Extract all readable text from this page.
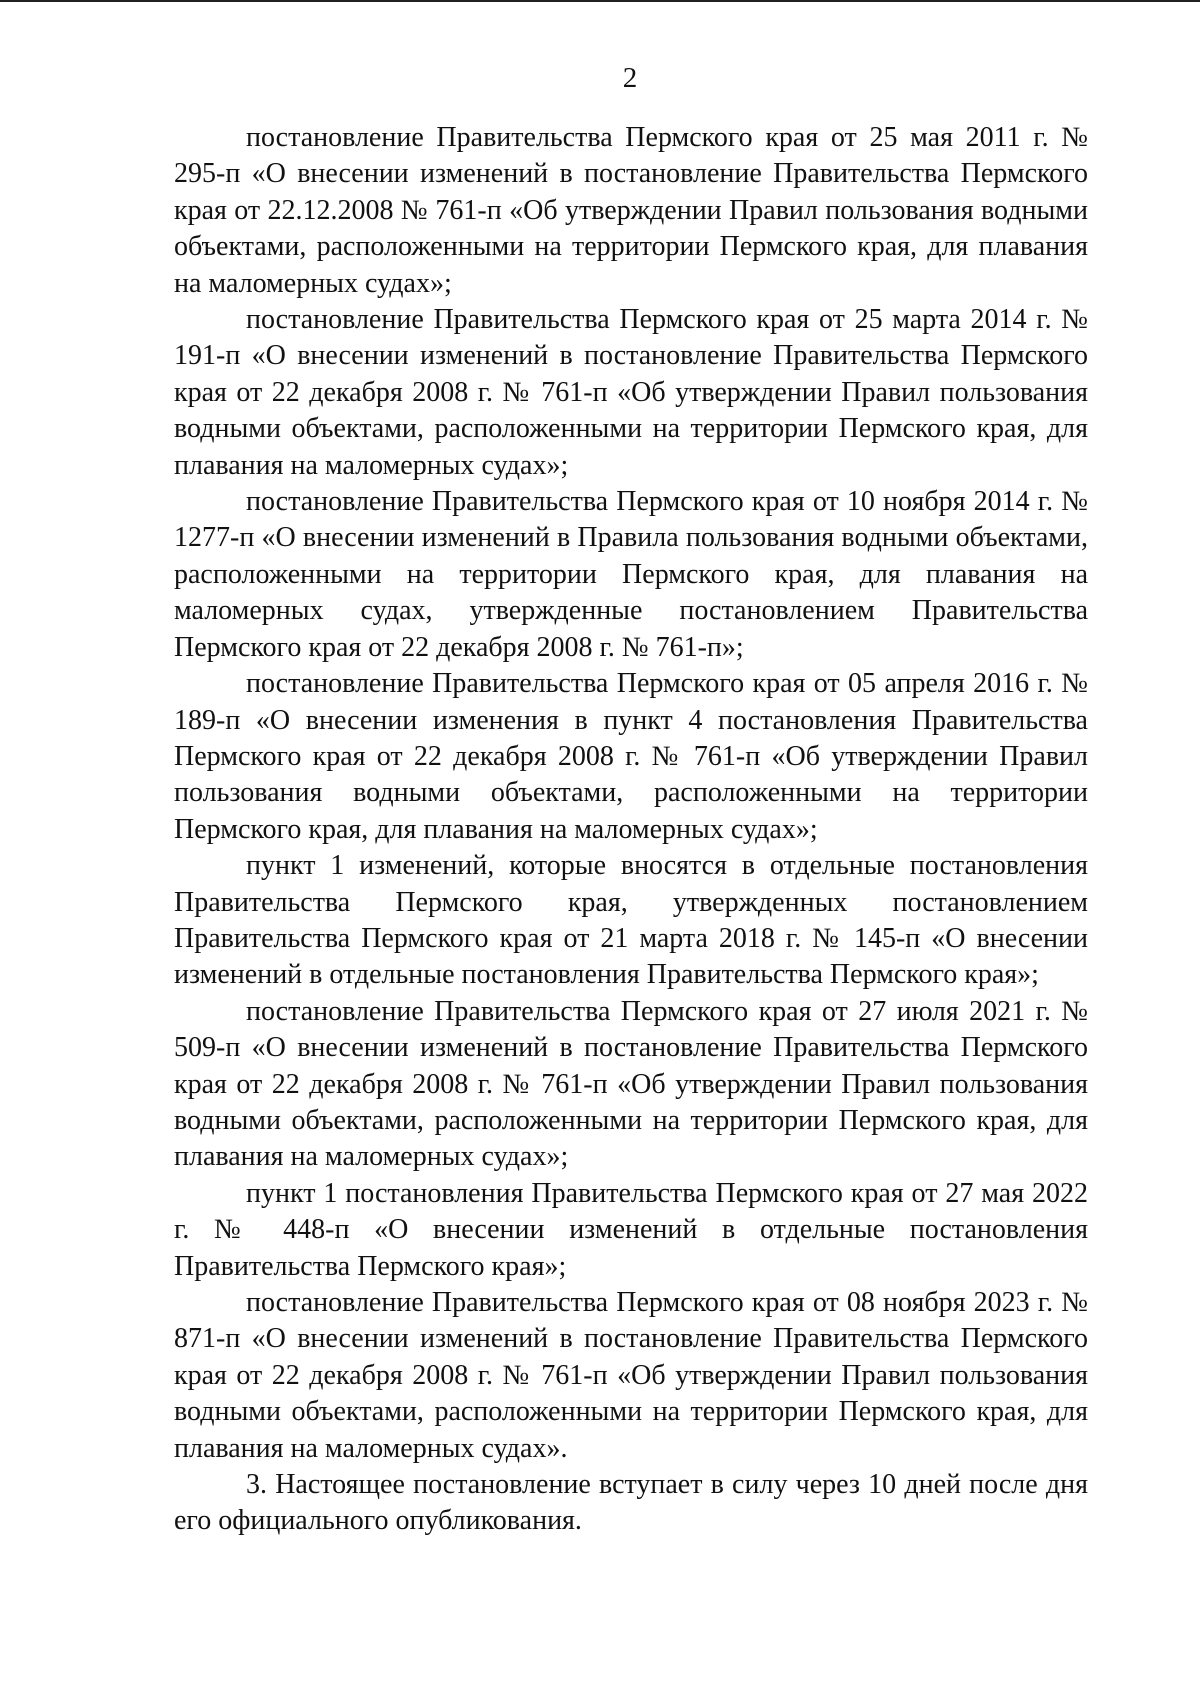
2

постановление Правительства Пермского края от 25 мая 2011 г. № 295-п «О внесении изменений в постановление Правительства Пермского края от 22.12.2008 № 761-п «Об утверждении Правил пользования водными объектами, расположенными на территории Пермского края, для плавания на маломерных судах»;

постановление Правительства Пермского края от 25 марта 2014 г. № 191-п «О внесении изменений в постановление Правительства Пермского края от 22 декабря 2008 г. № 761-п «Об утверждении Правил пользования водными объектами, расположенными на территории Пермского края, для плавания на маломерных судах»;

постановление Правительства Пермского края от 10 ноября 2014 г. № 1277-п «О внесении изменений в Правила пользования водными объектами, расположенными на территории Пермского края, для плавания на маломерных судах, утвержденные постановлением Правительства Пермского края от 22 декабря 2008 г. № 761-п»;

постановление Правительства Пермского края от 05 апреля 2016 г. № 189-п «О внесении изменения в пункт 4 постановления Правительства Пермского края от 22 декабря 2008 г. № 761-п «Об утверждении Правил пользования водными объектами, расположенными на территории Пермского края, для плавания на маломерных судах»;

пункт 1 изменений, которые вносятся в отдельные постановления Правительства Пермского края, утвержденных постановлением Правительства Пермского края от 21 марта 2018 г. № 145-п «О внесении изменений в отдельные постановления Правительства Пермского края»;

постановление Правительства Пермского края от 27 июля 2021 г. № 509-п «О внесении изменений в постановление Правительства Пермского края от 22 декабря 2008 г. № 761-п «Об утверждении Правил пользования водными объектами, расположенными на территории Пермского края, для плавания на маломерных судах»;

пункт 1 постановления Правительства Пермского края от 27 мая 2022 г. № 448-п «О внесении изменений в отдельные постановления Правительства Пермского края»;

постановление Правительства Пермского края от 08 ноября 2023 г. № 871-п «О внесении изменений в постановление Правительства Пермского края от 22 декабря 2008 г. № 761-п «Об утверждении Правил пользования водными объектами, расположенными на территории Пермского края, для плавания на маломерных судах».

3. Настоящее постановление вступает в силу через 10 дней после дня его официального опубликования.
